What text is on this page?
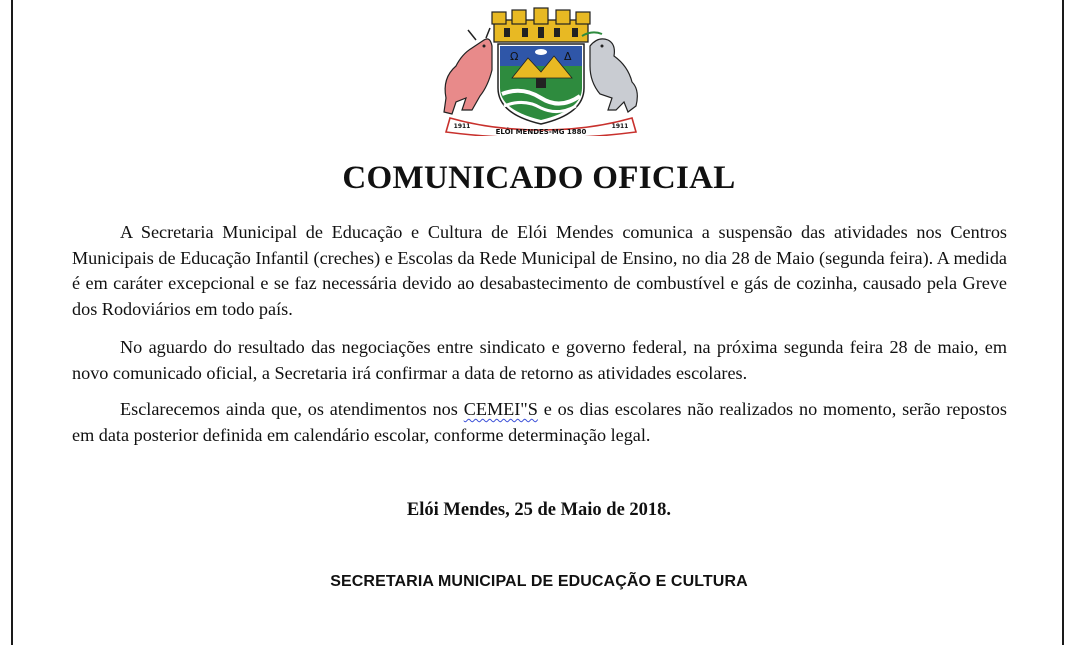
Ω	Δ
ELÓI MENDES-MG 1880
1911	1911
COMUNICADO OFICIAL
A Secretaria Municipal de Educação e Cultura de Elói Mendes comunica a suspensão das atividades nos Centros Municipais de Educação Infantil (creches) e Escolas da Rede Municipal de Ensino, no dia 28 de Maio (segunda feira). A medida é em caráter excepcional e se faz necessária devido ao desabastecimento de combustível e gás de cozinha, causado pela Greve dos Rodoviários em todo país.
No aguardo do resultado das negociações entre sindicato e governo federal, na próxima segunda feira 28 de maio, em novo comunicado oficial, a Secretaria irá confirmar a data de retorno as atividades escolares.
Esclarecemos ainda que, os atendimentos nos CEMEI"S e os dias escolares não realizados no momento, serão repostos em data posterior definida em calendário escolar, conforme determinação legal.
Elói Mendes, 25 de Maio de 2018.
SECRETARIA MUNICIPAL DE EDUCAÇÃO E CULTURA
